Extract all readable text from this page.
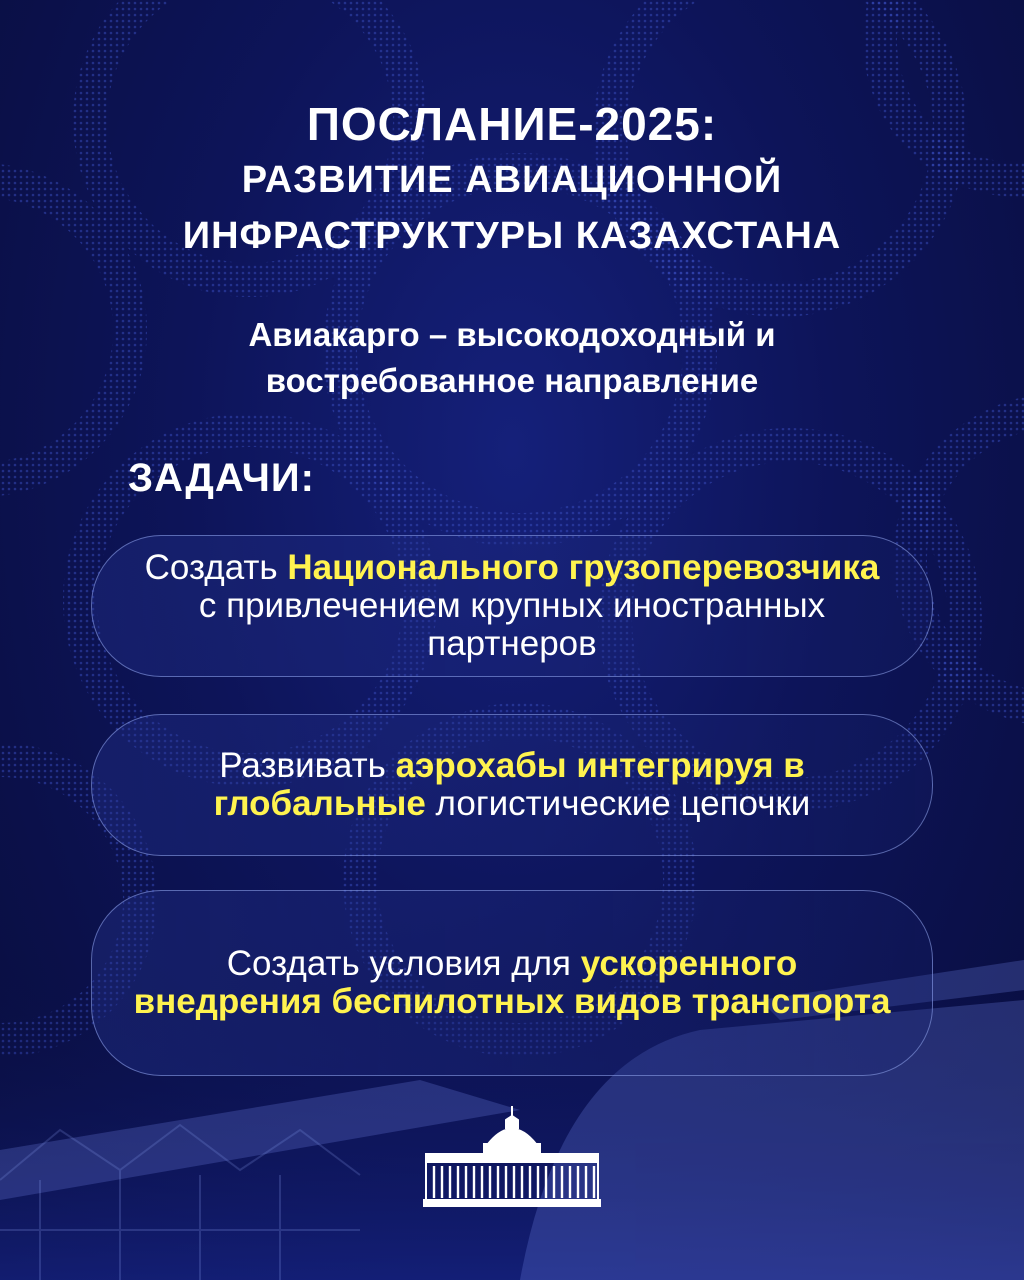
ПОСЛАНИЕ-2025:
РАЗВИТИЕ АВИАЦИОННОЙ
ИНФРАСТРУКТУРЫ КАЗАХСТАНА
Авиакарго – высокодоходный и
востребованное направление
ЗАДАЧИ:
Создать Национального грузоперевозчика с привлечением крупных иностранных партнеров
Развивать аэрохабы интегрируя в глобальные логистические цепочки
Создать условия для ускоренного внедрения беспилотных видов транспорта
